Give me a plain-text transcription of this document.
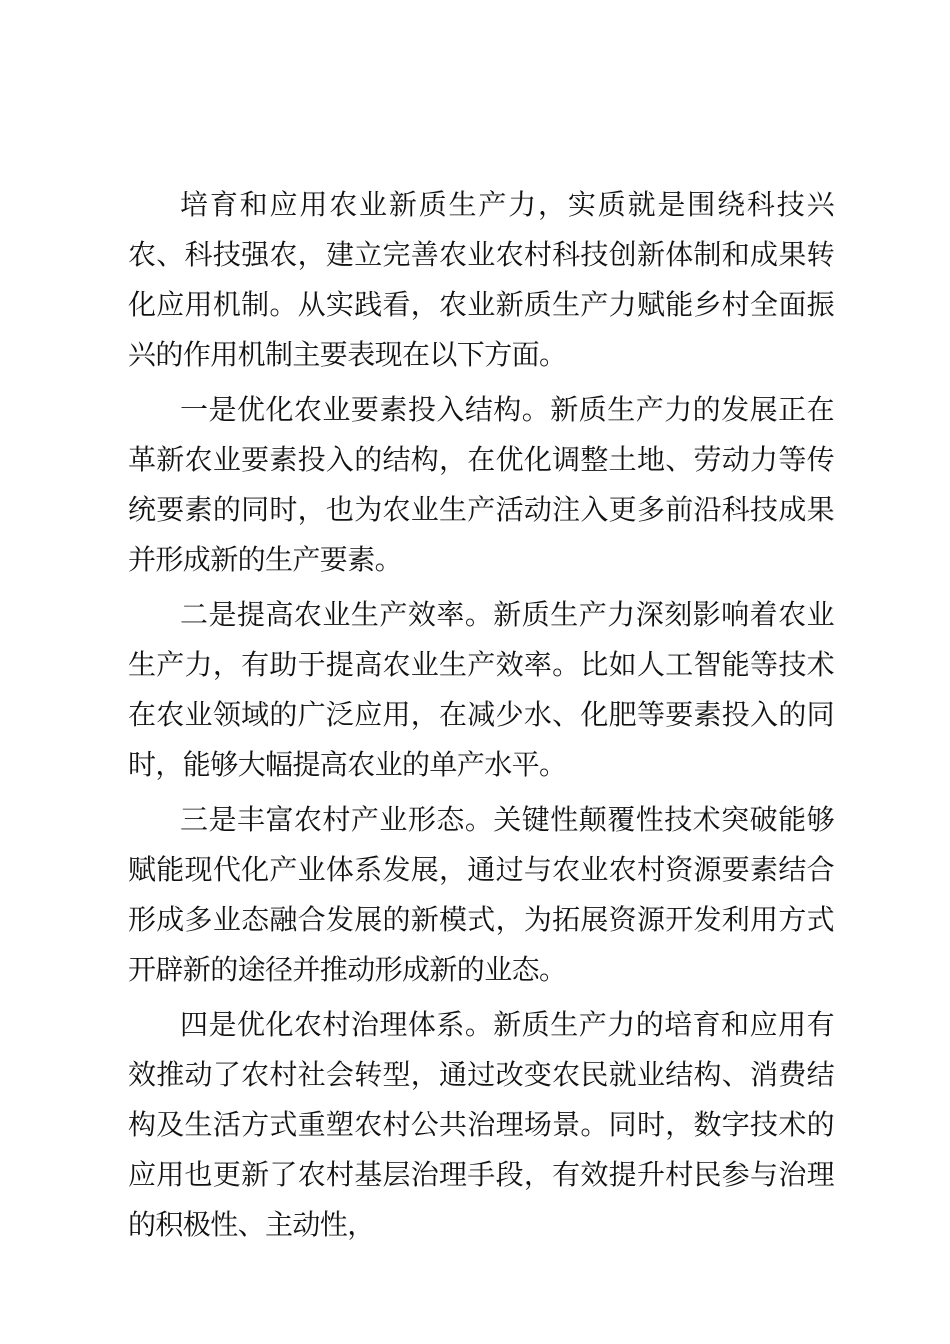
培育和应用农业新质生产力，实质就是围绕科技兴农、科技强农，建立完善农业农村科技创新体制和成果转化应用机制。从实践看，农业新质生产力赋能乡村全面振兴的作用机制主要表现在以下方面。

一是优化农业要素投入结构。新质生产力的发展正在革新农业要素投入的结构，在优化调整土地、劳动力等传统要素的同时，也为农业生产活动注入更多前沿科技成果并形成新的生产要素。

二是提高农业生产效率。新质生产力深刻影响着农业生产力，有助于提高农业生产效率。比如人工智能等技术在农业领域的广泛应用，在减少水、化肥等要素投入的同时，能够大幅提高农业的单产水平。

三是丰富农村产业形态。关键性颠覆性技术突破能够赋能现代化产业体系发展，通过与农业农村资源要素结合形成多业态融合发展的新模式，为拓展资源开发利用方式开辟新的途径并推动形成新的业态。

四是优化农村治理体系。新质生产力的培育和应用有效推动了农村社会转型，通过改变农民就业结构、消费结构及生活方式重塑农村公共治理场景。同时，数字技术的应用也更新了农村基层治理手段，有效提升村民参与治理的积极性、主动性，
